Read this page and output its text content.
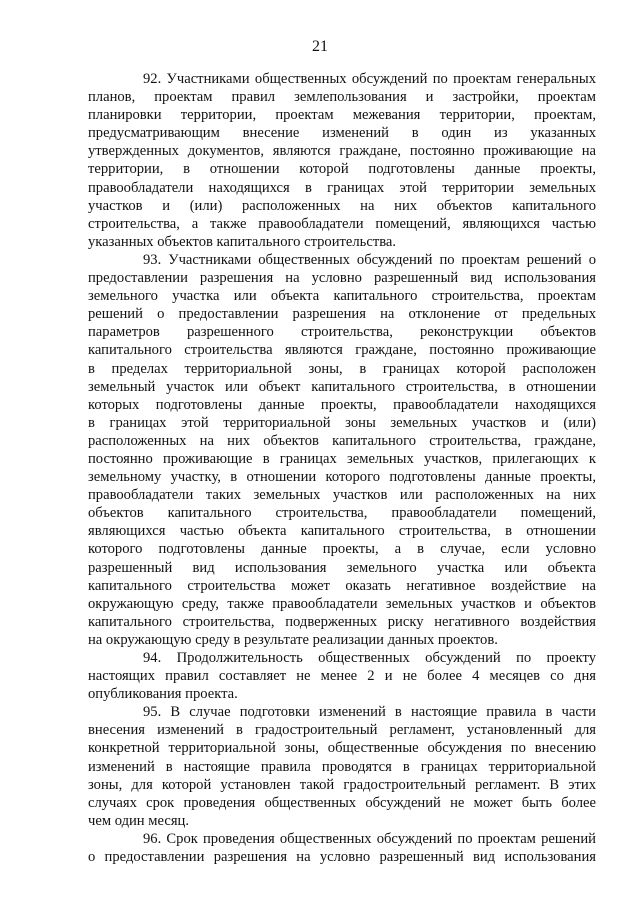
21
92. Участниками общественных обсуждений по проектам генеральных
планов, проектам правил землепользования и застройки, проектам
планировки территории, проектам межевания территории, проектам,
предусматривающим внесение изменений в один из указанных
утвержденных документов, являются граждане, постоянно проживающие на
территории, в отношении которой подготовлены данные проекты,
правообладатели находящихся в границах этой территории земельных
участков и (или) расположенных на них объектов капитального
строительства, а также правообладатели помещений, являющихся частью
указанных объектов капитального строительства.
93. Участниками общественных обсуждений по проектам решений о
предоставлении разрешения на условно разрешенный вид использования
земельного участка или объекта капитального строительства, проектам
решений о предоставлении разрешения на отклонение от предельных
параметров разрешенного строительства, реконструкции объектов
капитального строительства являются граждане, постоянно проживающие
в пределах территориальной зоны, в границах которой расположен
земельный участок или объект капитального строительства, в отношении
которых подготовлены данные проекты, правообладатели находящихся
в границах этой территориальной зоны земельных участков и (или)
расположенных на них объектов капитального строительства, граждане,
постоянно проживающие в границах земельных участков, прилегающих к
земельному участку, в отношении которого подготовлены данные проекты,
правообладатели таких земельных участков или расположенных на них
объектов капитального строительства, правообладатели помещений,
являющихся частью объекта капитального строительства, в отношении
которого подготовлены данные проекты, а в случае, если условно
разрешенный вид использования земельного участка или объекта
капитального строительства может оказать негативное воздействие на
окружающую среду, также правообладатели земельных участков и объектов
капитального строительства, подверженных риску негативного воздействия
на окружающую среду в результате реализации данных проектов.
94. Продолжительность общественных обсуждений по проекту
настоящих правил составляет не менее 2 и не более 4 месяцев со дня
опубликования проекта.
95. В случае подготовки изменений в настоящие правила в части
внесения изменений в градостроительный регламент, установленный для
конкретной территориальной зоны, общественные обсуждения по внесению
изменений в настоящие правила проводятся в границах территориальной
зоны, для которой установлен такой градостроительный регламент. В этих
случаях срок проведения общественных обсуждений не может быть более
чем один месяц.
96. Срок проведения общественных обсуждений по проектам решений
о предоставлении разрешения на условно разрешенный вид использования
